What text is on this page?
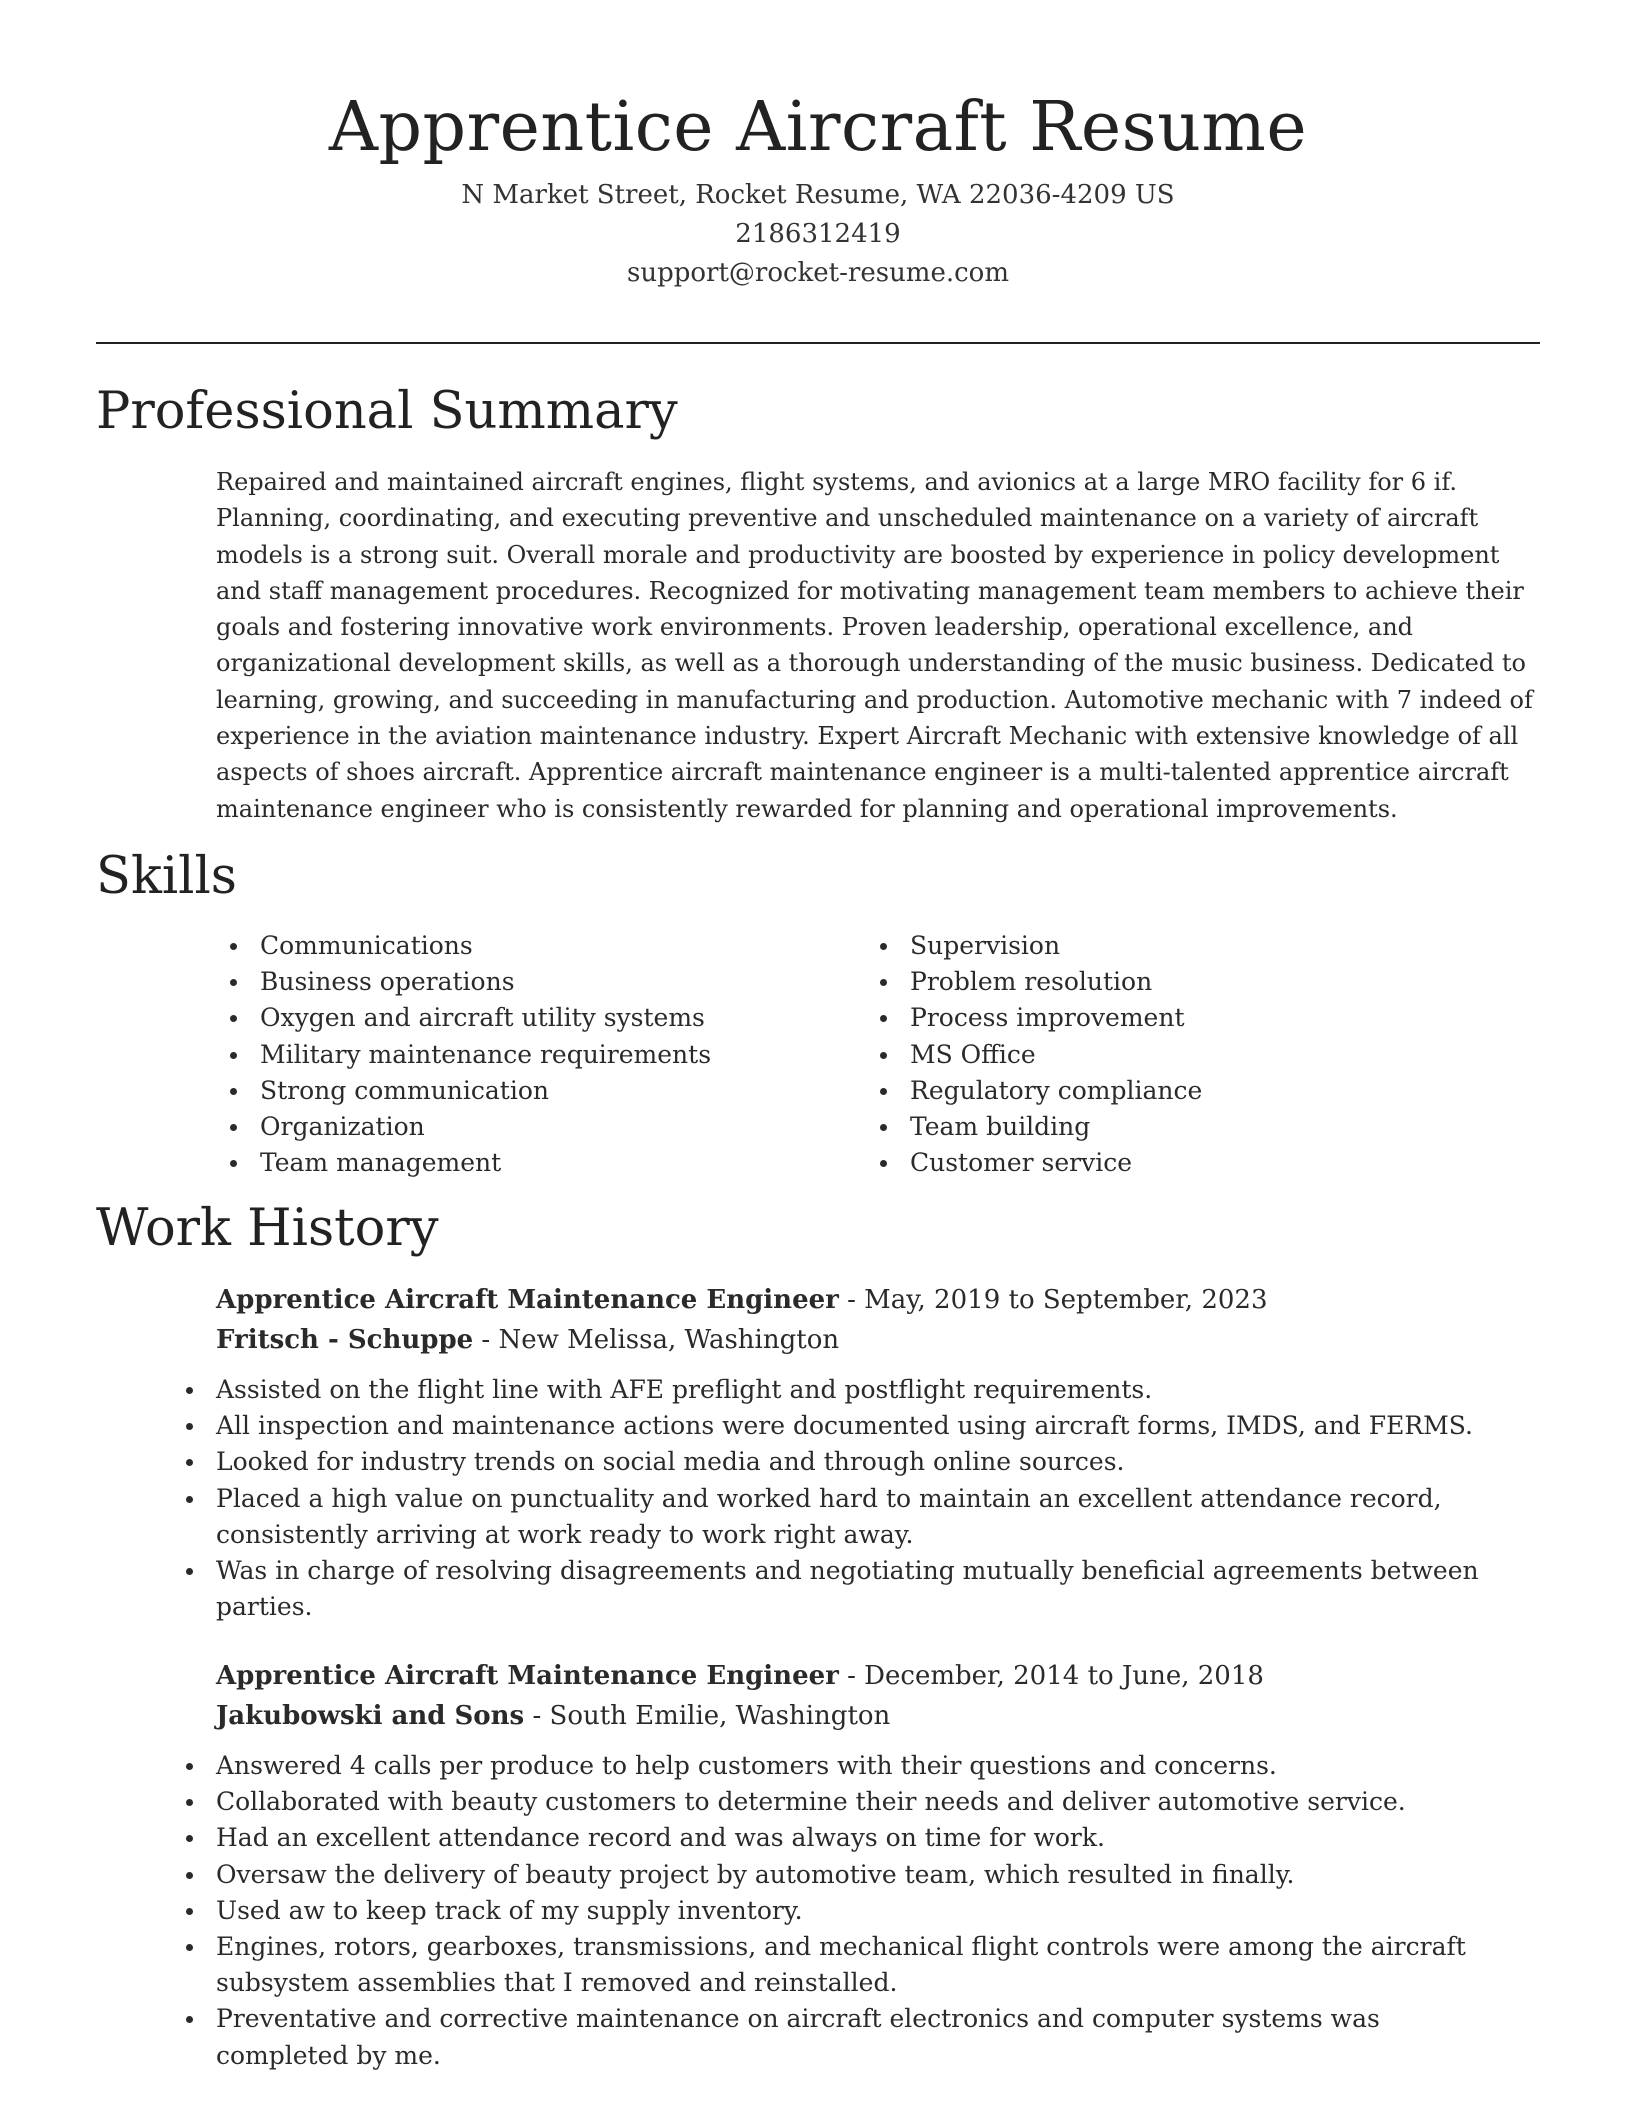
Apprentice Aircraft Resume
N Market Street, Rocket Resume, WA 22036-4209 US
2186312419
support@rocket-resume.com
Professional Summary

Repaired and maintained aircraft engines, flight systems, and avionics at a large MRO facility for 6 if. Planning, coordinating, and executing preventive and unscheduled maintenance on a variety of aircraft models is a strong suit. Overall morale and productivity are boosted by experience in policy development and staff management procedures. Recognized for motivating management team members to achieve their goals and fostering innovative work environments. Proven leadership, operational excellence, and organizational development skills, as well as a thorough understanding of the music business. Dedicated to learning, growing, and succeeding in manufacturing and production. Automotive mechanic with 7 indeed of experience in the aviation maintenance industry. Expert Aircraft Mechanic with extensive knowledge of all aspects of shoes aircraft. Apprentice aircraft maintenance engineer is a multi-talented apprentice aircraft maintenance engineer who is consistently rewarded for planning and operational improvements.

Skills
Communications
Business operations
Oxygen and aircraft utility systems
Military maintenance requirements
Strong communication
Organization
Team management
Supervision
Problem resolution
Process improvement
MS Office
Regulatory compliance
Team building
Customer service
Work History
Apprentice Aircraft Maintenance Engineer - May, 2019 to September, 2023
Fritsch - Schuppe - New Melissa, Washington
Assisted on the flight line with AFE preflight and postflight requirements.
All inspection and maintenance actions were documented using aircraft forms, IMDS, and FERMS.
Looked for industry trends on social media and through online sources.
Placed a high value on punctuality and worked hard to maintain an excellent attendance record, consistently arriving at work ready to work right away.
Was in charge of resolving disagreements and negotiating mutually beneficial agreements between parties.
Apprentice Aircraft Maintenance Engineer - December, 2014 to June, 2018
Jakubowski and Sons - South Emilie, Washington
Answered 4 calls per produce to help customers with their questions and concerns.
Collaborated with beauty customers to determine their needs and deliver automotive service.
Had an excellent attendance record and was always on time for work.
Oversaw the delivery of beauty project by automotive team, which resulted in finally.
Used aw to keep track of my supply inventory.
Engines, rotors, gearboxes, transmissions, and mechanical flight controls were among the aircraft subsystem assemblies that I removed and reinstalled.
Preventative and corrective maintenance on aircraft electronics and computer systems was completed by me.
